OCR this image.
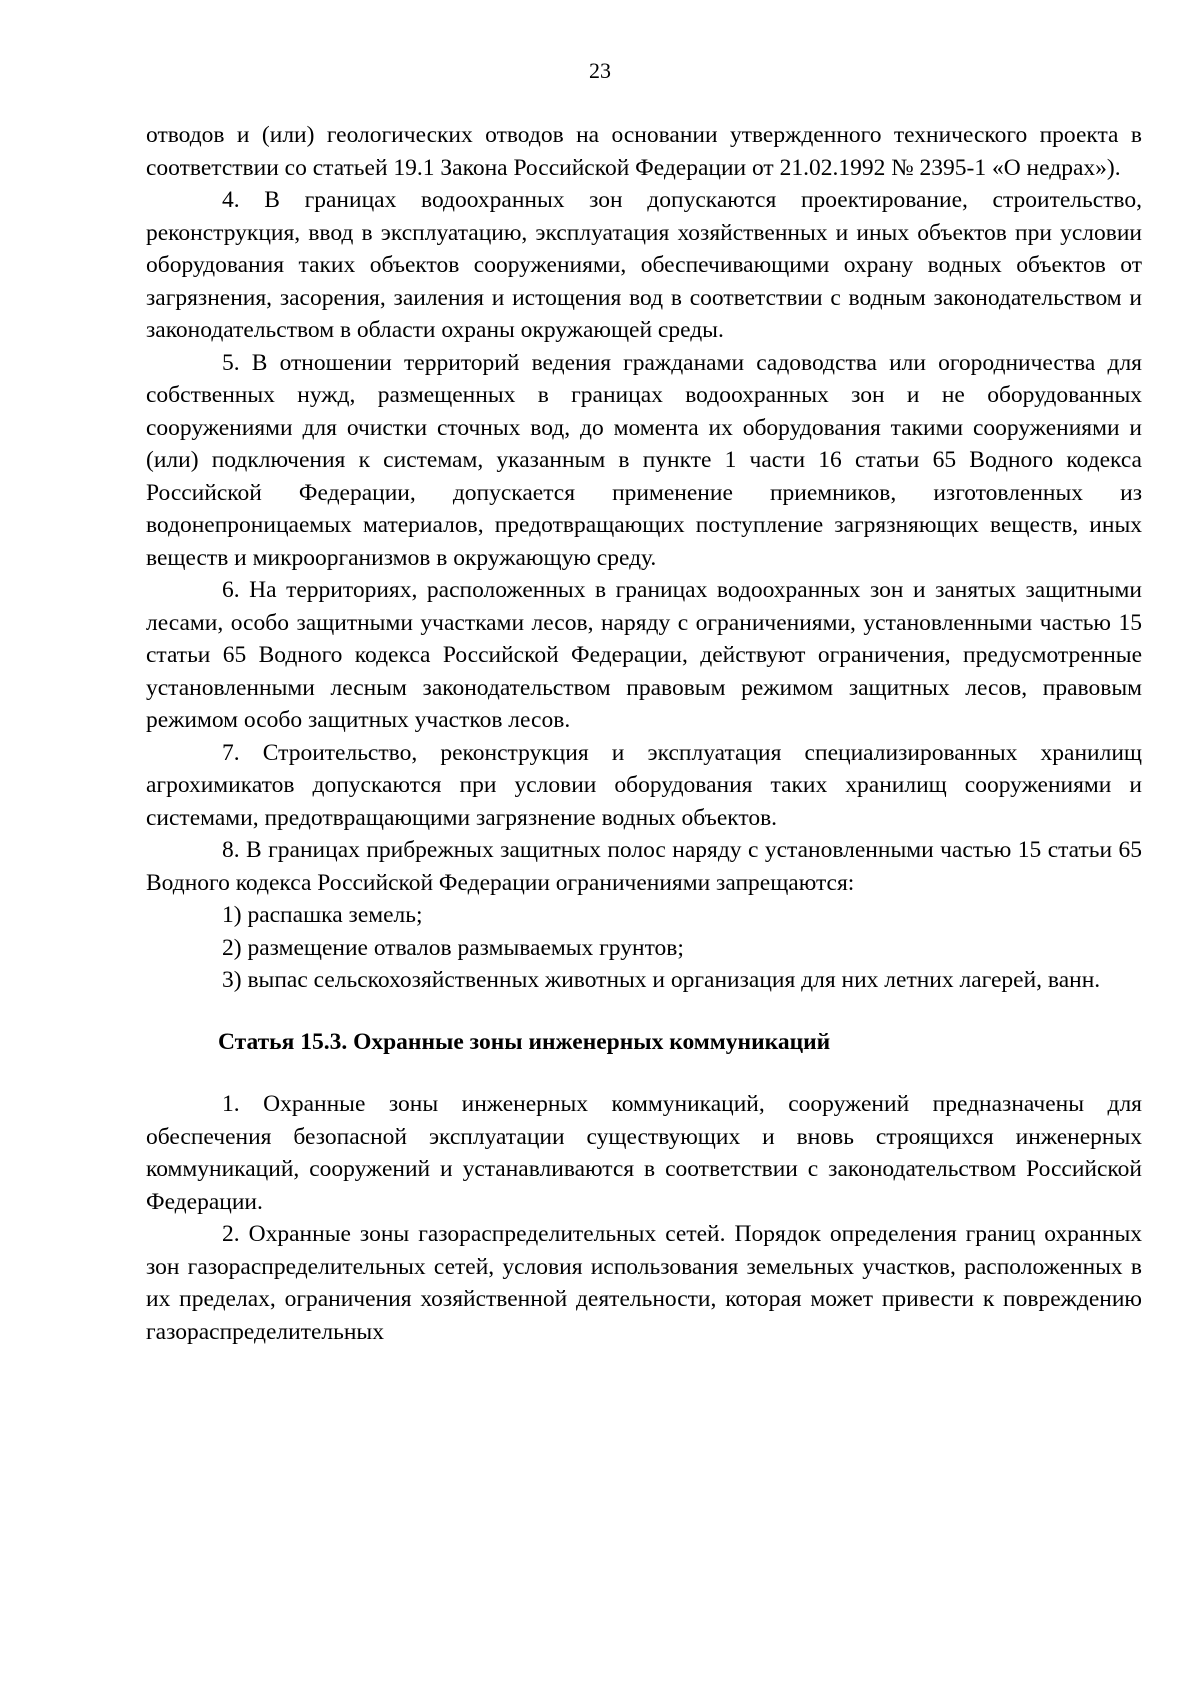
23

отводов и (или) геологических отводов на основании утвержденного технического проекта в соответствии со статьей 19.1 Закона Российской Федерации от 21.02.1992 № 2395-1 «О недрах»).

4. В границах водоохранных зон допускаются проектирование, строительство, реконструкция, ввод в эксплуатацию, эксплуатация хозяйственных и иных объектов при условии оборудования таких объектов сооружениями, обеспечивающими охрану водных объектов от загрязнения, засорения, заиления и истощения вод в соответствии с водным законодательством и законодательством в области охраны окружающей среды.

5. В отношении территорий ведения гражданами садоводства или огородничества для собственных нужд, размещенных в границах водоохранных зон и не оборудованных сооружениями для очистки сточных вод, до момента их оборудования такими сооружениями и (или) подключения к системам, указанным в пункте 1 части 16 статьи 65 Водного кодекса Российской Федерации, допускается применение приемников, изготовленных из водонепроницаемых материалов, предотвращающих поступление загрязняющих веществ, иных веществ и микроорганизмов в окружающую среду.

6. На территориях, расположенных в границах водоохранных зон и занятых защитными лесами, особо защитными участками лесов, наряду с ограничениями, установленными частью 15 статьи 65 Водного кодекса Российской Федерации, действуют ограничения, предусмотренные установленными лесным законодательством правовым режимом защитных лесов, правовым режимом особо защитных участков лесов.

7. Строительство, реконструкция и эксплуатация специализированных хранилищ агрохимикатов допускаются при условии оборудования таких хранилищ сооружениями и системами, предотвращающими загрязнение водных объектов.

8. В границах прибрежных защитных полос наряду с установленными частью 15 статьи 65 Водного кодекса Российской Федерации ограничениями запрещаются:

1) распашка земель;

2) размещение отвалов размываемых грунтов;

3) выпас сельскохозяйственных животных и организация для них летних лагерей, ванн.

Статья 15.3. Охранные зоны инженерных коммуникаций

1. Охранные зоны инженерных коммуникаций, сооружений предназначены для обеспечения безопасной эксплуатации существующих и вновь строящихся инженерных коммуникаций, сооружений и устанавливаются в соответствии с законодательством Российской Федерации.

2. Охранные зоны газораспределительных сетей. Порядок определения границ охранных зон газораспределительных сетей, условия использования земельных участков, расположенных в их пределах, ограничения хозяйственной деятельности, которая может привести к повреждению газораспределительных
